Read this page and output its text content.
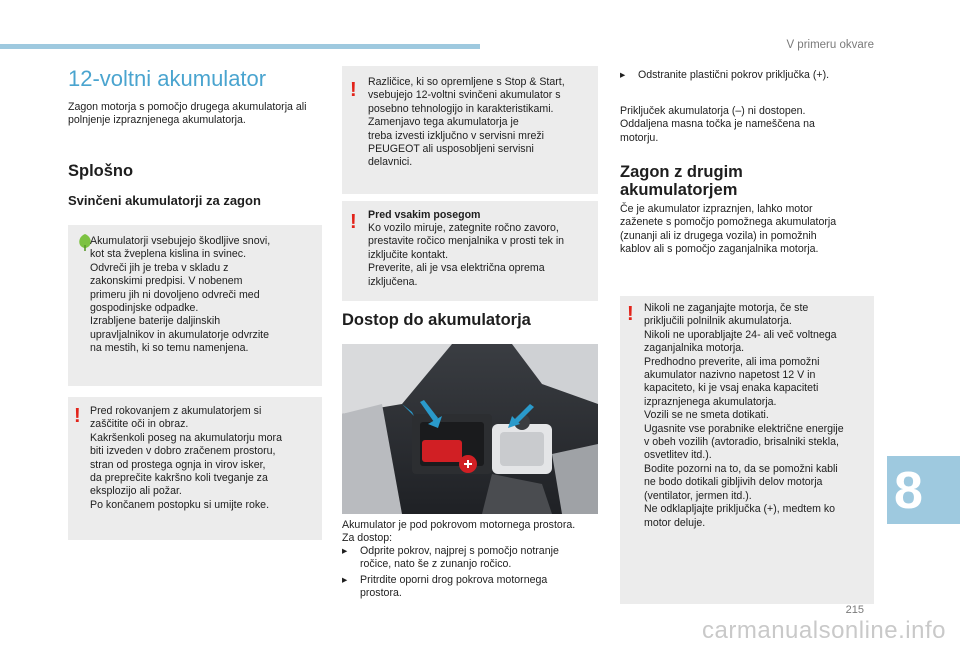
V primeru okvare
12-voltni akumulator

Zagon motorja s pomočjo drugega akumulatorja ali polnjenje izpraznjenega akumulatorja.

Splošno
Svinčeni akumulatorji za zagon
Akumulatorji vsebujejo škodljive snovi,
kot sta žveplena kislina in svinec.
Odvreči jih je treba v skladu z
zakonskimi predpisi. V nobenem
primeru jih ni dovoljeno odvreči med
gospodinjske odpadke.
Izrabljene baterije daljinskih
upravljalnikov in akumulatorje odvrzite
na mestih, ki so temu namenjena.
! Pred rokovanjem z akumulatorjem si
zaščitite oči in obraz.
Kakršenkoli poseg na akumulatorju mora
biti izveden v dobro zračenem prostoru,
stran od prostega ognja in virov isker,
da preprečite kakršno koli tveganje za
eksplozijo ali požar.
Po končanem postopku si umijte roke.
! Različice, ki so opremljene s Stop & Start,
vsebujejo 12-voltni svinčeni akumulator s
posebno tehnologijo in karakteristikami.
Zamenjavo tega akumulatorja je
treba izvesti izključno v servisni mreži
PEUGEOT ali usposobljeni servisni
delavnici.
! Pred vsakim posegom
Ko vozilo miruje, zategnite ročno zavoro,
prestavite ročico menjalnika v prosti tek in
izključite kontakt.
Preverite, ali je vsa električna oprema
izključena.
Dostop do akumulatorja
Akumulator je pod pokrovom motornega prostora.
Za dostop:
▸ Odprite pokrov, najprej s pomočjo notranje
ročice, nato še z zunanjo ročico.
▸ Pritrdite oporni drog pokrova motornega
prostora.
▸ Odstranite plastični pokrov priključka (+).
Priključek akumulatorja (–) ni dostopen.
Oddaljena masna točka je nameščena na
motorju.
Zagon z drugim akumulatorjem
Če je akumulator izpraznjen, lahko motor
zaženete s pomočjo pomožnega akumulatorja
(zunanji ali iz drugega vozila) in pomožnih
kablov ali s pomočjo zaganjalnika motorja.
! Nikoli ne zaganjajte motorja, če ste
priključili polnilnik akumulatorja.
Nikoli ne uporabljajte 24- ali več voltnega
zaganjalnika motorja.
Predhodno preverite, ali ima pomožni
akumulator nazivno napetost 12 V in
kapaciteto, ki je vsaj enaka kapaciteti
izpraznjenega akumulatorja.
Vozili se ne smeta dotikati.
Ugasnite vse porabnike električne energije
v obeh vozilih (avtoradio, brisalniki stekla,
osvetlitev itd.).
Bodite pozorni na to, da se pomožni kabli
ne bodo dotikali gibljivih delov motorja
(ventilator, jermen itd.).
Ne odklapljajte priključka (+), medtem ko
motor deluje.
8
215
carmanualsonline.info
